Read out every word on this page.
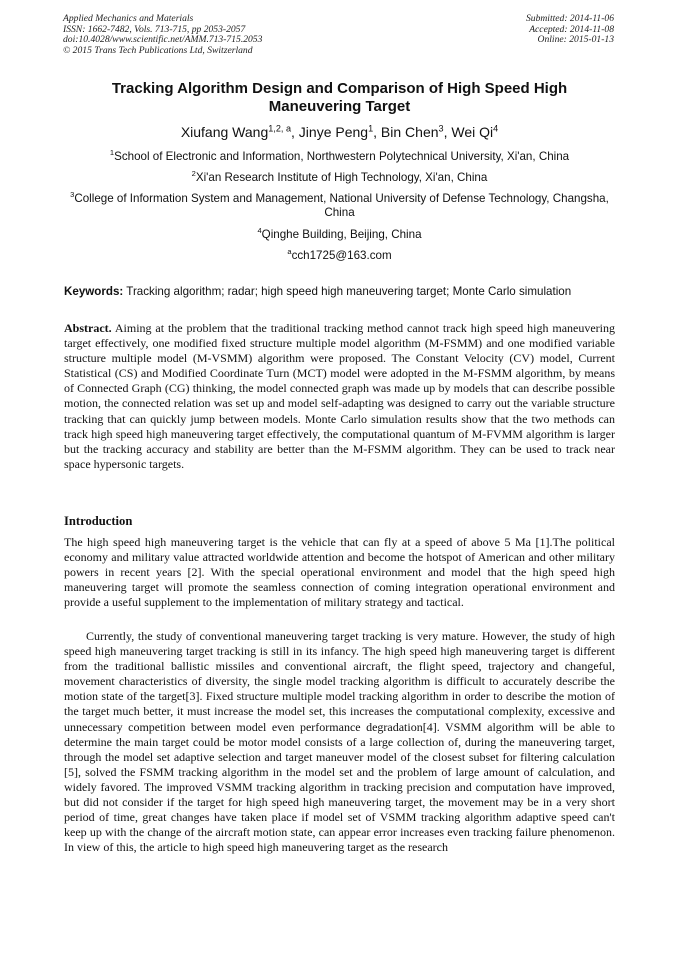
Applied Mechanics and Materials
ISSN: 1662-7482, Vols. 713-715, pp 2053-2057
doi:10.4028/www.scientific.net/AMM.713-715.2053
© 2015 Trans Tech Publications Ltd, Switzerland
Submitted: 2014-11-06
Accepted: 2014-11-08
Online: 2015-01-13
Tracking Algorithm Design and Comparison of High Speed High Maneuvering Target
Xiufang Wang$^{1,2, a}$, Jinye Peng$^1$, Bin Chen$^3$, Wei Qi$^4$
$^1$School of Electronic and Information, Northwestern Polytechnical University, Xi'an, China
$^2$Xi'an Research Institute of High Technology, Xi'an, China
$^3$College of Information System and Management, National University of Defense Technology, Changsha, China
$^4$Qinghe Building, Beijing, China
$^a$cch1725@163.com
Keywords: Tracking algorithm; radar; high speed high maneuvering target; Monte Carlo simulation
Abstract. Aiming at the problem that the traditional tracking method cannot track high speed high maneuvering target effectively, one modified fixed structure multiple model algorithm (M-FSMM) and one modified variable structure multiple model (M-VSMM) algorithm were proposed. The Constant Velocity (CV) model, Current Statistical (CS) and Modified Coordinate Turn (MCT) model were adopted in the M-FSMM algorithm, by means of Connected Graph (CG) thinking, the model connected graph was made up by models that can describe possible motion, the connected relation was set up and model self-adapting was designed to carry out the variable structure tracking that can quickly jump between models. Monte Carlo simulation results show that the two methods can track high speed high maneuvering target effectively, the computational quantum of M-FVMM algorithm is larger but the tracking accuracy and stability are better than the M-FSMM algorithm. They can be used to track near space hypersonic targets.
Introduction
The high speed high maneuvering target is the vehicle that can fly at a speed of above 5 Ma [1].The political economy and military value attracted worldwide attention and become the hotspot of American and other military powers in recent years [2]. With the special operational environment and model that the high speed high maneuvering target will promote the seamless connection of coming integration operational environment and provide a useful supplement to the implementation of military strategy and tactical.
Currently, the study of conventional maneuvering target tracking is very mature. However, the study of high speed high maneuvering target tracking is still in its infancy. The high speed high maneuvering target is different from the traditional ballistic missiles and conventional aircraft, the flight speed, trajectory and changeful, movement characteristics of diversity, the single model tracking algorithm is difficult to accurately describe the motion state of the target[3]. Fixed structure multiple model tracking algorithm in order to describe the motion of the target much better, it must increase the model set, this increases the computational complexity, excessive and unnecessary competition between model even performance degradation[4]. VSMM algorithm will be able to determine the main target could be motor model consists of a large collection of, during the maneuvering target, through the model set adaptive selection and target maneuver model of the closest subset for filtering calculation [5], solved the FSMM tracking algorithm in the model set and the problem of large amount of calculation, and widely favored. The improved VSMM tracking algorithm in tracking precision and computation have improved, but did not consider if the target for high speed high maneuvering target, the movement may be in a very short period of time, great changes have taken place if model set of VSMM tracking algorithm adaptive speed can't keep up with the change of the aircraft motion state, can appear error increases even tracking failure phenomenon. In view of this, the article to high speed high maneuvering target as the research
